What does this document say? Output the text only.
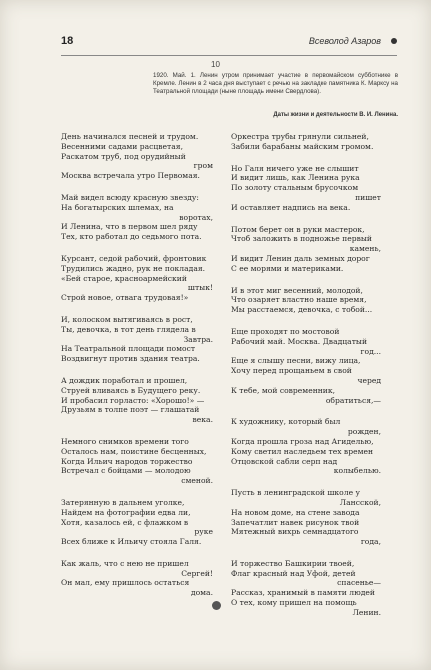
18	Всеволод Азаров
10
1920. Май. 1. Ленин утром принимает участие в первомайском субботнике в Кремле. Ленин в 2 часа дня выступает с речью на закладке памятника К. Марксу на Театральной площади (ныне площадь имени Свердлова).
Даты жизни и деятельности В. И. Ленина.
День начинался песней и трудом.
Весенними садами расцветая,
Раскатом труб, под орудийный
гром
Москва встречала утро Первомая.
Май видел всюду красную звезду:
На богатырских шлемах, на
воротах,
И Ленина, что в первом шел ряду
Тех, кто работал до седьмого пота.
Курсант, седой рабочий, фронтовик
Трудились жадно, рук не покладая.
«Бей старое, красноармейский
штык!
Строй новое, отвага трудовая!»
И, колоском вытягиваясь в рост,
Ты, девочка, в тот день глядела в
Завтра.
На Театральной площади помост
Воздвигнут против здания театра.
А дождик поработал и прошел,
Струей вливаясь в Будущего реку.
И пробасил горласто: «Хорошо!» —
Друзьям в толпе поэт — глашатай
века.
Немного снимков времени того
Осталось нам, поистине бесценных,
Когда Ильич народов торжество
Встречал с бойцами — молодою
сменой.
Затерянную в дальнем уголке,
Найдем на фотографии едва ли,
Хотя, казалось ей, с флажком в
руке
Всех ближе к Ильичу стояла Галя.
Как жаль, что с нею не пришел
Сергей!
Он мал, ему пришлось остаться
дома.
Оркестра трубы грянули сильней,
Забили барабаны майским громом.
Но Галя ничего уже не слышит
И видит лишь, как Ленина рука
По золоту стальным брусочком
пишет
И оставляет надпись на века.
Потом берет он в руки мастерок,
Чтоб заложить в подножье первый
камень,
И видит Ленин даль земных дорог
С ее морями и материками.
И в этот миг весенний, молодой,
Что озаряет властно наше время,
Мы расстаемся, девочка, с тобой...
Еще проходят по мостовой
Рабочий май. Москва. Двадцатый
год...
Еще я слышу песни, вижу лица,
Хочу перед прощаньем в свой
черед
К тебе, мой современник,
обратиться,—
К художнику, который был
рожден,
Когда прошла гроза над Агиделью,
Кому светил наследьем тех времен
Отцовской сабли серп над
колыбелью.
Пусть в ленинградской школе у
Лансской,
На новом доме, на стене завода
Запечатлит навек рисунок твой
Мятежный вихрь семнадцатого
года,
И торжество Башкирии твоей,
Флаг красный над Уфой, детей
спасенье—
Рассказ, хранимый в памяти людей
О тех, кому пришел на помощь
Ленин.
